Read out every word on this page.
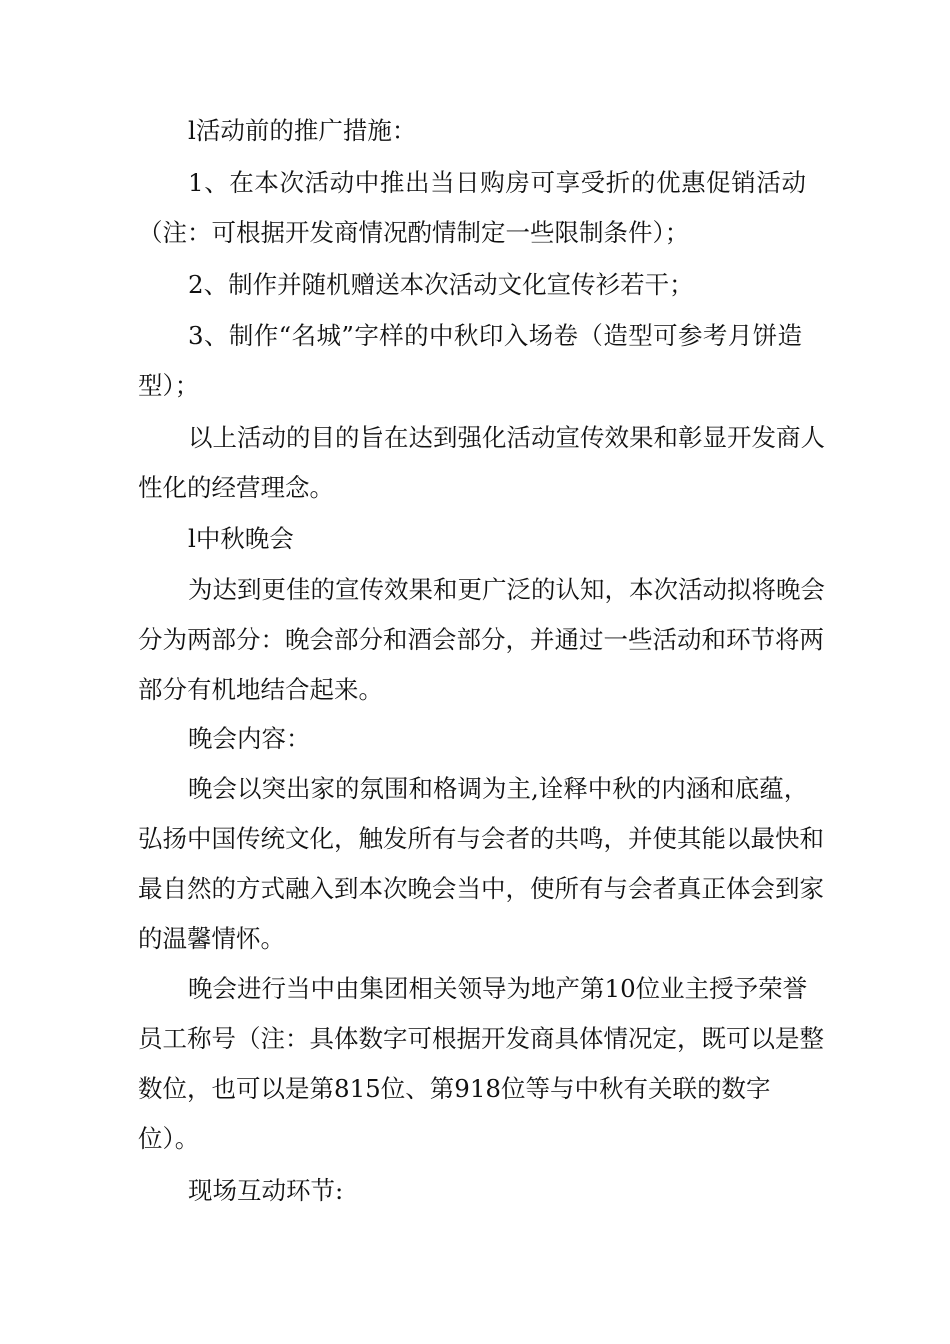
l活动前的推广措施：

1、在本次活动中推出当日购房可享受折的优惠促销活动
（注：可根据开发商情况酌情制定一些限制条件）；

2、制作并随机赠送本次活动文化宣传衫若干；

3、制作“名城”字样的中秋印入场卷（造型可参考月饼造
型）；

以上活动的目的旨在达到强化活动宣传效果和彰显开发商人
性化的经营理念。

l中秋晚会

为达到更佳的宣传效果和更广泛的认知，本次活动拟将晚会
分为两部分：晚会部分和酒会部分，并通过一些活动和环节将两
部分有机地结合起来。

晚会内容：

晚会以突出家的氛围和格调为主,诠释中秋的内涵和底蕴，
弘扬中国传统文化，触发所有与会者的共鸣，并使其能以最快和
最自然的方式融入到本次晚会当中，使所有与会者真正体会到家
的温馨情怀。

晚会进行当中由集团相关领导为地产第10位业主授予荣誉
员工称号（注：具体数字可根据开发商具体情况定，既可以是整
数位，也可以是第815位、第918位等与中秋有关联的数字
位）。

现场互动环节:
